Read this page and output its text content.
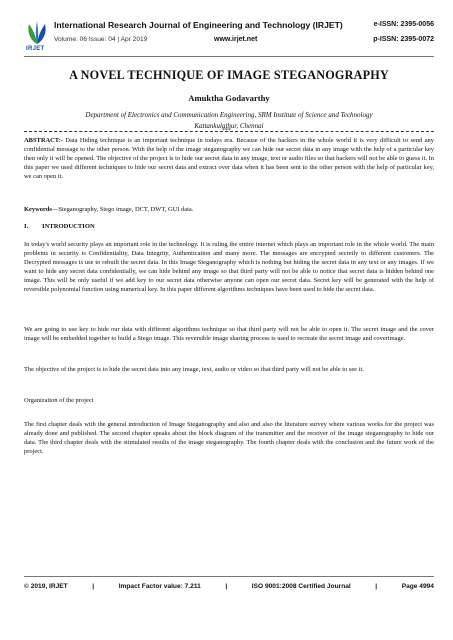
IRJET
International Research Journal of Engineering and Technology (IRJET)
Volume: 06 Issue: 04 | Apr 2019	www.irjet.net
e-ISSN: 2395-0056
p-ISSN: 2395-0072
A NOVEL TECHNIQUE OF IMAGE STEGANOGRAPHY
Amuktha Godavarthy
Department of Electronics and Communication Engineering, SRM Institute of Science and Technology
Kattankulathur, Chennai
***
ABSTRACT:- Data Hiding technique is an important technique in todays era. Because of the hackers in the whole world it is very difficult to send any confidential message to the other person. With the help of the image steganography we can hide our secret data in any image with the help of a particular key then only it will be opened. The objective of the project is to hide our secret data in any image, text or audio files so that hackers will not be able to guess it. In this paper we used different techniques to hide our secret data and extract over data when it has been sent to the other person with the help of particular key, we can open it.
Keywords—Steganography, Stego image, DCT, DWT, GUI data.
I. INTRODUCTION
In today's world security plays an important role in the technology. It is ruling the entire internet which plays an important role in the whole world. The main problems in security is Confidentiality, Data Integrity, Authentication and many more. The messages are encrypted secretly to different customers. The Decrypted messages is use to rebuilt the secret data. In this Image Steganography which is nothing but hiding the secret data in any text or any images. If we want to hide any secret data confidentially, we can hide behind any image so that third party will not be able to notice that secret data is hidden behind one image. This will be only useful if we add key to our secret data otherwise anyone can open our secret data. Secret key will be generated with the help of reversible polynomial function using numerical key. In this paper different algorithms techniques have been used to hide the secret data.
We are going to use key to hide our data with different algorithms technique so that third party will not be able to open it. The secret image and the cover image will be embedded together to build a Stego image. This reversible image sharing process is used to recreate the secret image and coverimage.
The objective of the project is to hide the secret data into any image, text, audio or video so that third party will not be able to see it.
Organization of the project
The first chapter deals with the general introduction of Image Steganography and also and also the literature survey where various works for the project was already done and published. The second chapter speaks about the block diagram of the transmitter and the receiver of the image steganography to hide our data. The third chapter deals with the stimulated results of the image steganography. The fourth chapter deals with the conclusion and the future work of the project.
© 2019, IRJET	|	Impact Factor value: 7.211	|	ISO 9001:2008 Certified Journal	|	Page 4994
